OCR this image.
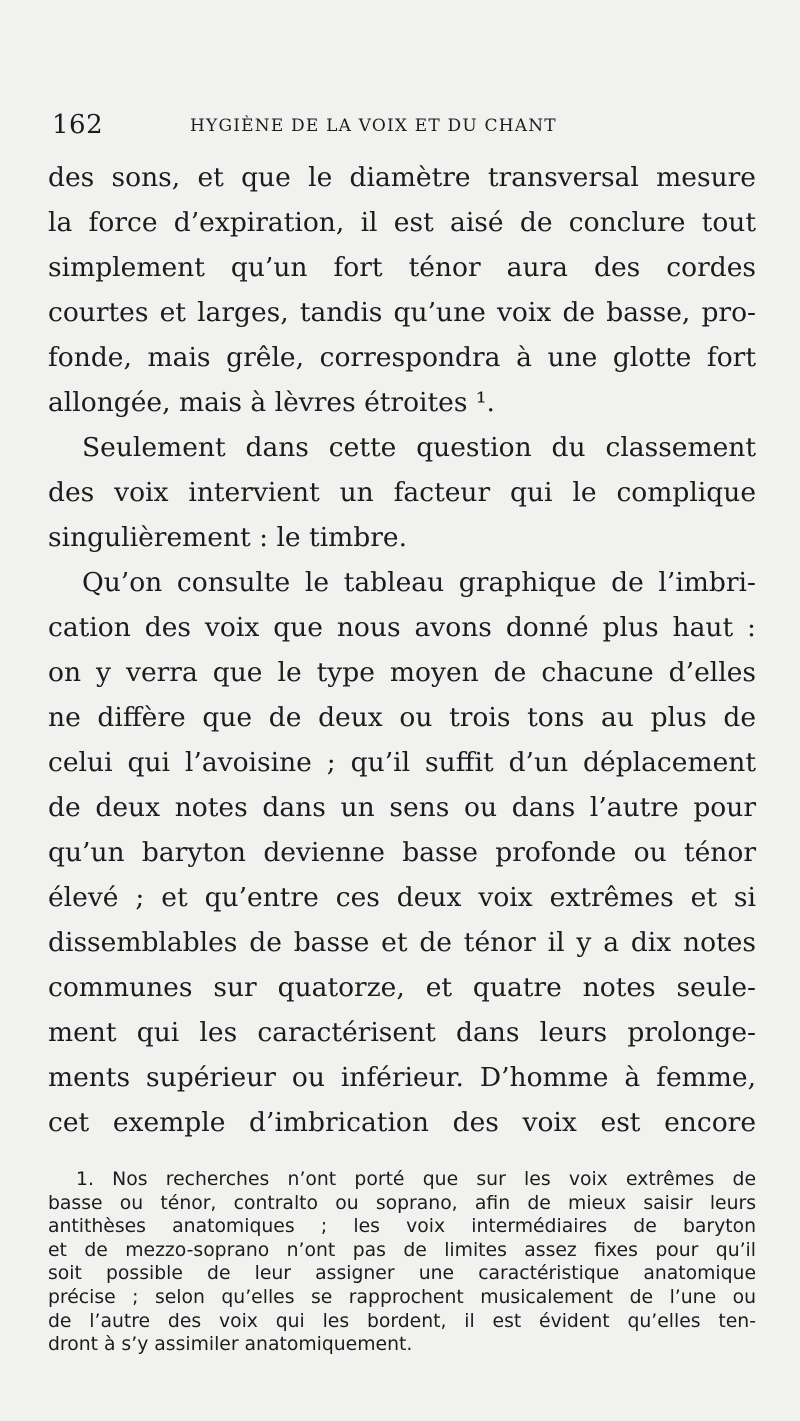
162	HYGIÈNE DE LA VOIX ET DU CHANT
des sons, et que le diamètre transversal mesure
la force d’expiration, il est aisé de conclure tout
simplement qu’un fort ténor aura des cordes
courtes et larges, tandis qu’une voix de basse, pro-
fonde, mais grêle, correspondra à une glotte fort
allongée, mais à lèvres étroites ¹.
Seulement dans cette question du classement
des voix intervient un facteur qui le complique
singulièrement : le timbre.
Qu’on consulte le tableau graphique de l’imbri-
cation des voix que nous avons donné plus haut :
on y verra que le type moyen de chacune d’elles
ne diffère que de deux ou trois tons au plus de
celui qui l’avoisine ; qu’il suffit d’un déplacement
de deux notes dans un sens ou dans l’autre pour
qu’un baryton devienne basse profonde ou ténor
élevé ; et qu’entre ces deux voix extrêmes et si
dissemblables de basse et de ténor il y a dix notes
communes sur quatorze, et quatre notes seule-
ment qui les caractérisent dans leurs prolonge-
ments supérieur ou inférieur. D’homme à femme,
cet exemple d’imbrication des voix est encore
1. Nos recherches n’ont porté que sur les voix extrêmes de
basse ou ténor, contralto ou soprano, afin de mieux saisir leurs
antithèses anatomiques ; les voix intermédiaires de baryton
et de mezzo-soprano n’ont pas de limites assez fixes pour qu’il
soit possible de leur assigner une caractéristique anatomique
précise ; selon qu’elles se rapprochent musicalement de l’une ou
de l’autre des voix qui les bordent, il est évident qu’elles ten-
dront à s’y assimiler anatomiquement.
